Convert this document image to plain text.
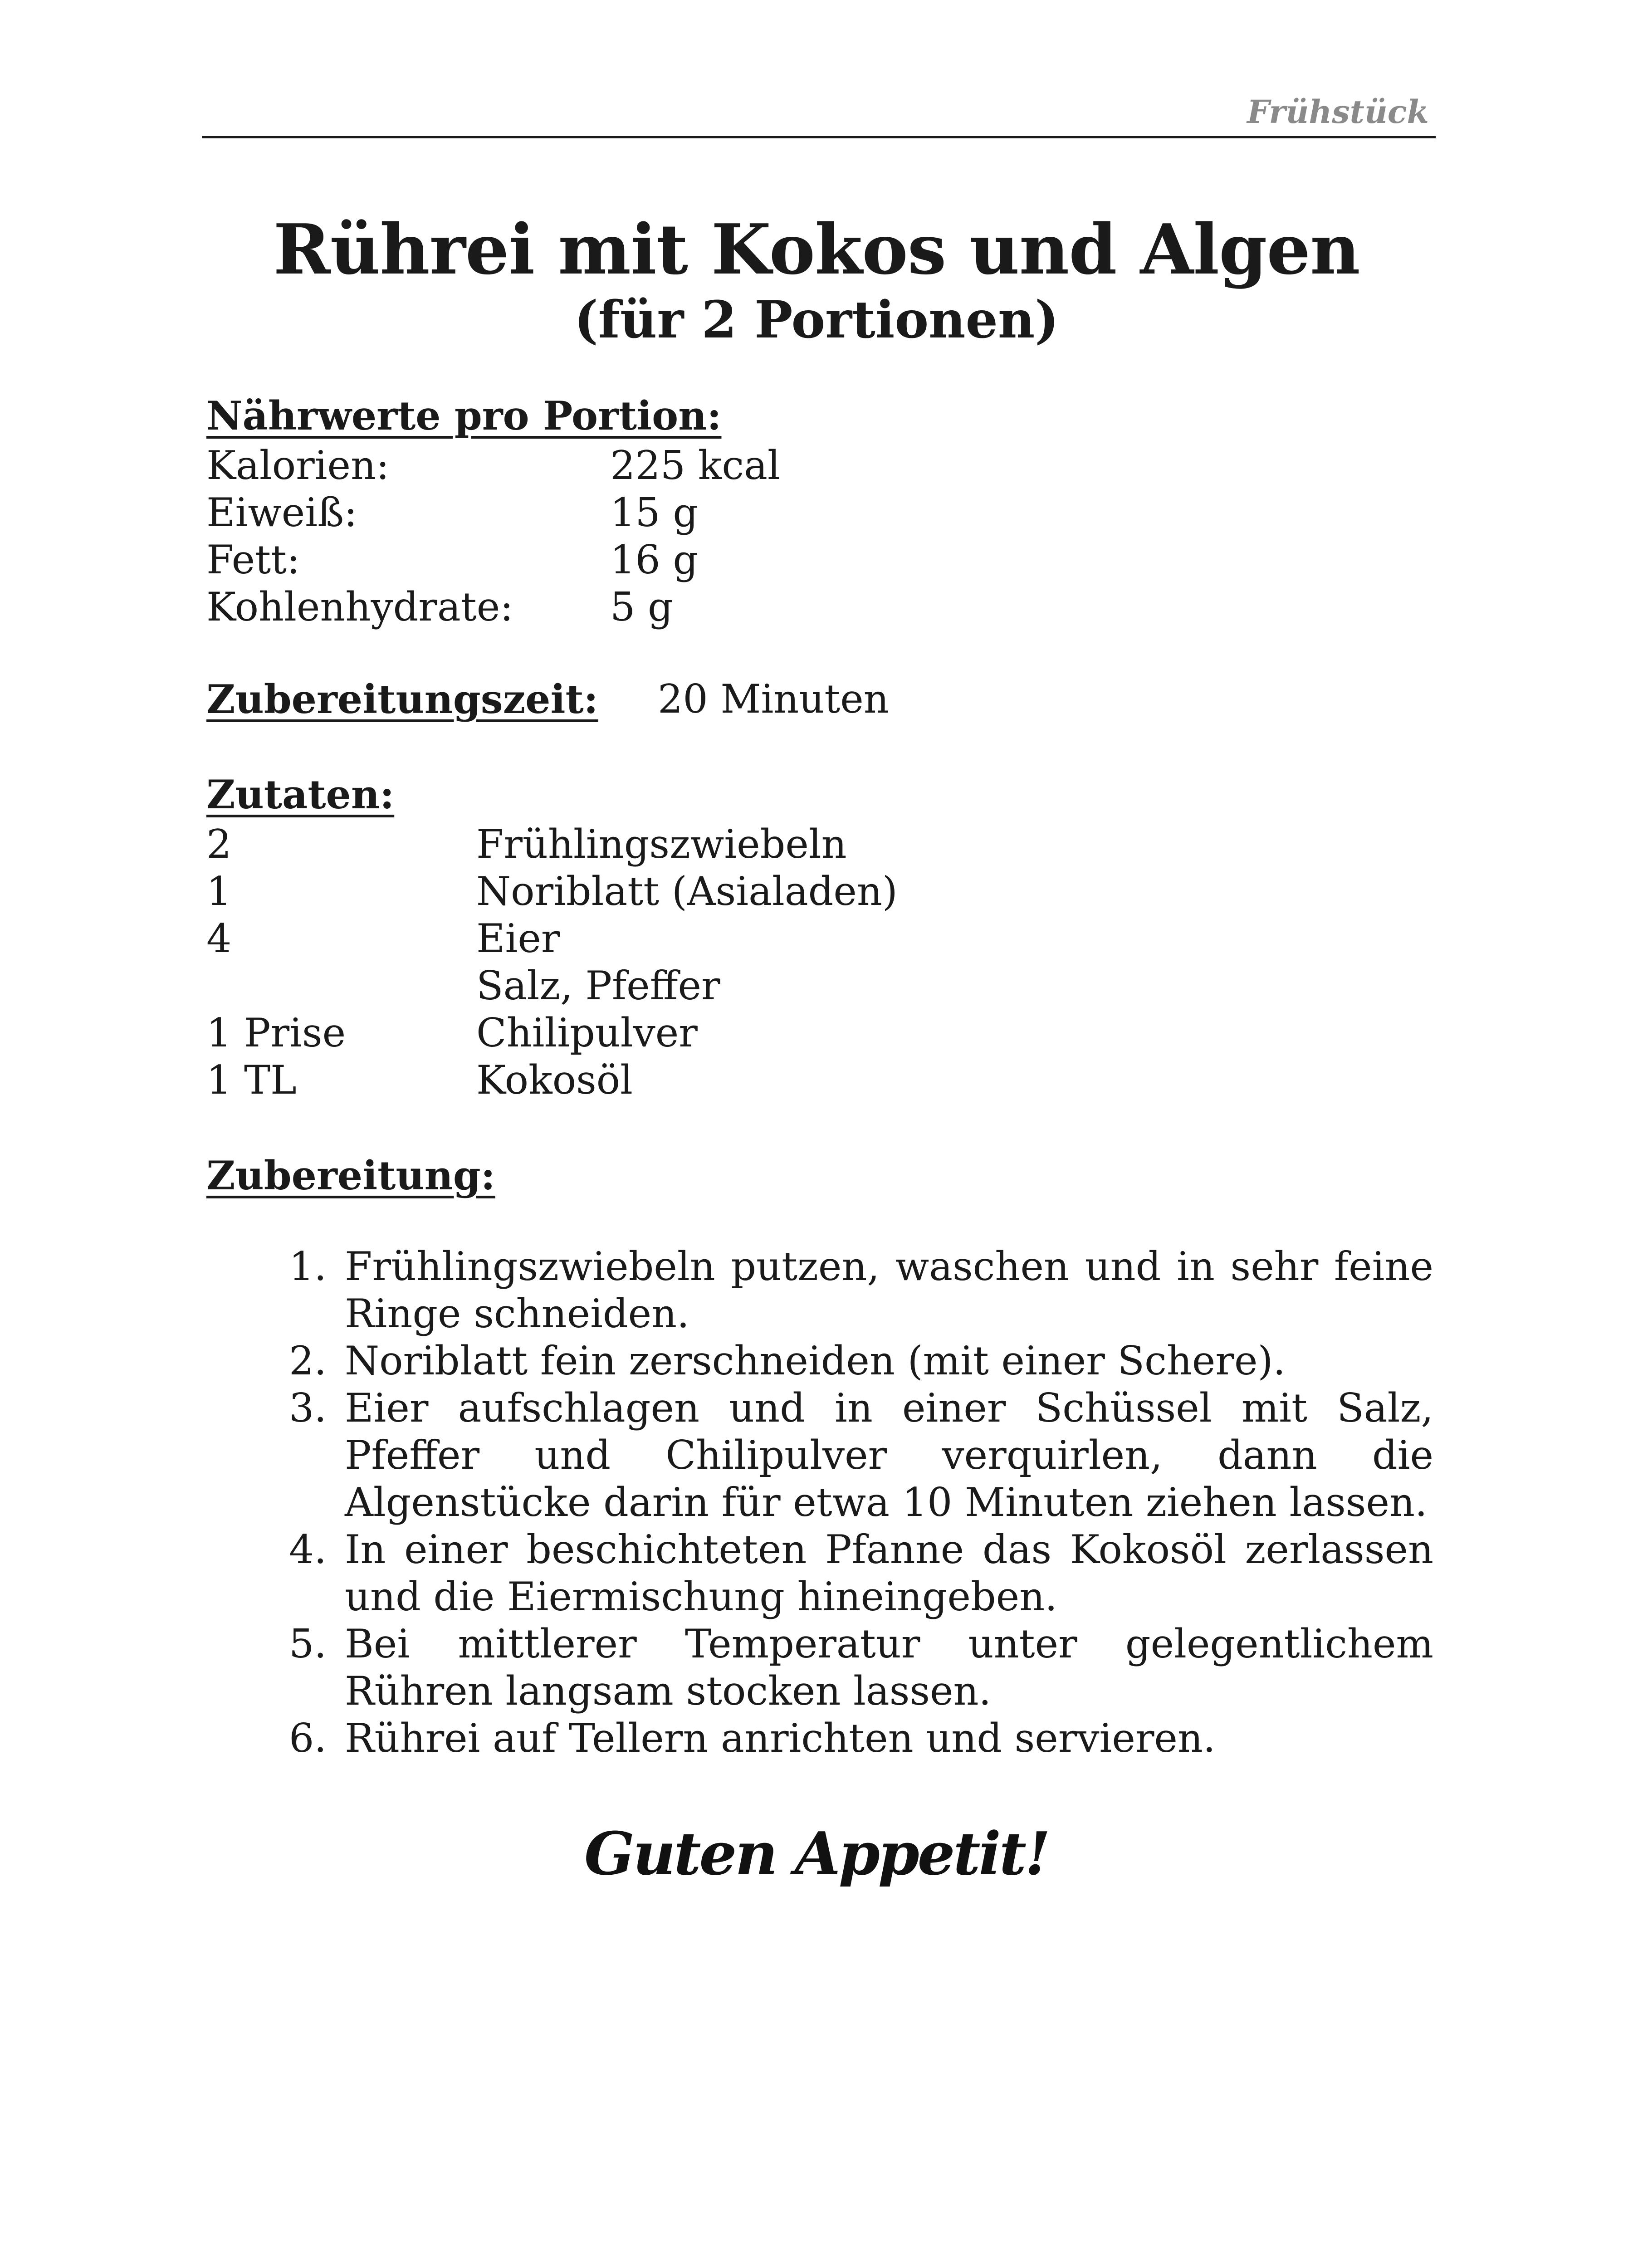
Frühstück
Rührei mit Kokos und Algen
(für 2 Portionen)
Nährwerte pro Portion:
Kalorien:	225 kcal
Eiweiß:	15 g
Fett:	16 g
Kohlenhydrate: 5 g
Zubereitungszeit: 20 Minuten
Zutaten:
2	Frühlingszwiebeln
1	Noriblatt (Asialaden)
4	Eier
Salz, Pfeffer
1 Prise	Chilipulver
1 TL	Kokosöl
Zubereitung:
1. Frühlingszwiebeln putzen, waschen und in sehr feine Ringe schneiden.
2. Noriblatt fein zerschneiden (mit einer Schere).
3. Eier aufschlagen und in einer Schüssel mit Salz, Pfeffer und Chilipulver verquirlen, dann die Algenstücke darin für etwa 10 Minuten ziehen lassen.
4. In einer beschichteten Pfanne das Kokosöl zerlassen und die Eiermischung hineingeben.
5. Bei mittlerer Temperatur unter gelegentlichem Rühren langsam stocken lassen.
6. Rührei auf Tellern anrichten und servieren.
Guten Appetit!
